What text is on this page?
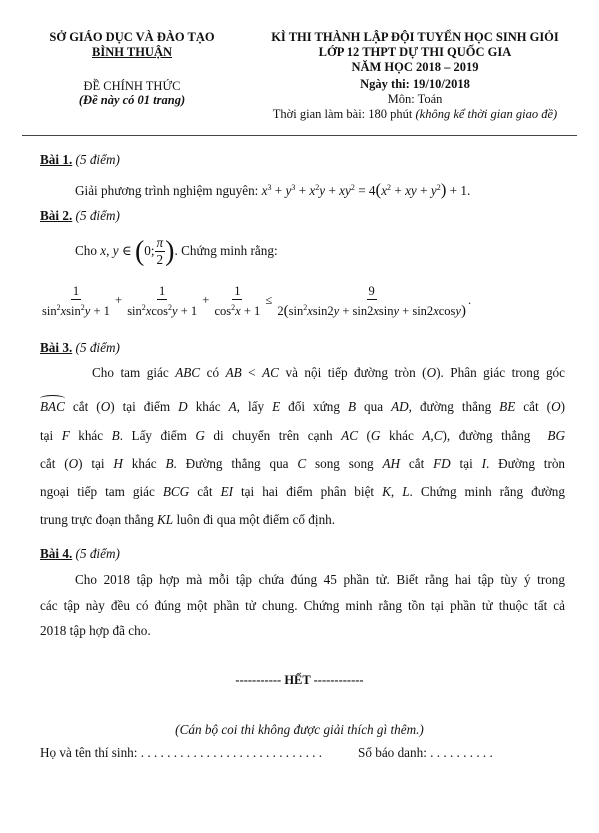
SỞ GIÁO DỤC VÀ ĐÀO TẠO
BÌNH THUẬN
ĐỀ CHÍNH THỨC
(Đề này có 01 trang)
KÌ THI THÀNH LẬP ĐỘI TUYỂN HỌC SINH GIỎI
LỚP 12 THPT DỰ THI QUỐC GIA
NĂM HỌC 2018 – 2019
Ngày thi: 19/10/2018
Môn: Toán
Thời gian làm bài: 180 phút (không kể thời gian giao đề)
Bài 1. (5 điểm)
Giải phương trình nghiệm nguyên: $x^3 + y^3 + x^2y + xy^2 = 4(x^2$ + xy + $y^2) + 1$.
Bài 2. (5 điểm)
Cho x, y ∈ (0; $\frac{\pi}{2}$ ). Chứng minh rằng:
$\frac{1}{\sin^2xsin^2y + 1} + \frac{1}{\sin^2xcos^2y + 1} + \frac{1}{\cos^2x + 1} \le \frac{9}{2(\sin^2xsin2y + \sin 2xsiny + \sin 2xcosy)}$ .
Bài 3. (5 điểm)
Cho tam giác ABC có AB < AC và nội tiếp đường tròn (O). Phân giác trong góc
BAC cắt (O) tại điểm D khác A, lấy E đối xứng B qua AD, đường thẳng BE cắt (O)
tại F khác B. Lấy điểm G di chuyển trên cạnh AC (G khác A,C), đường thẳng  BG
cắt (O) tại H khác B. Đường thẳng qua C song song AH cắt FD tại I. Đường tròn
ngoại tiếp tam giác BCG cắt EI tại hai điểm phân biệt K, L. Chứng minh rằng đường
trung trực đoạn thẳng KL luôn đi qua một điểm cố định.
Bài 4. (5 điểm)
Cho 2018 tập hợp mà mỗi tập chứa đúng 45 phần tử. Biết rằng hai tập tùy ý trong
các tập này đều có đúng một phần tử chung. Chứng minh rằng tồn tại phần tử thuộc tất cả
2018 tập hợp đã cho.
----------- HẾT ------------
(Cán bộ coi thi không được giải thích gì thêm.)
Họ và tên thí sinh: . . . . . . . . . . . . . . . . . . . . . . . . . . . .	Số báo danh: . . . . . . . . . .
